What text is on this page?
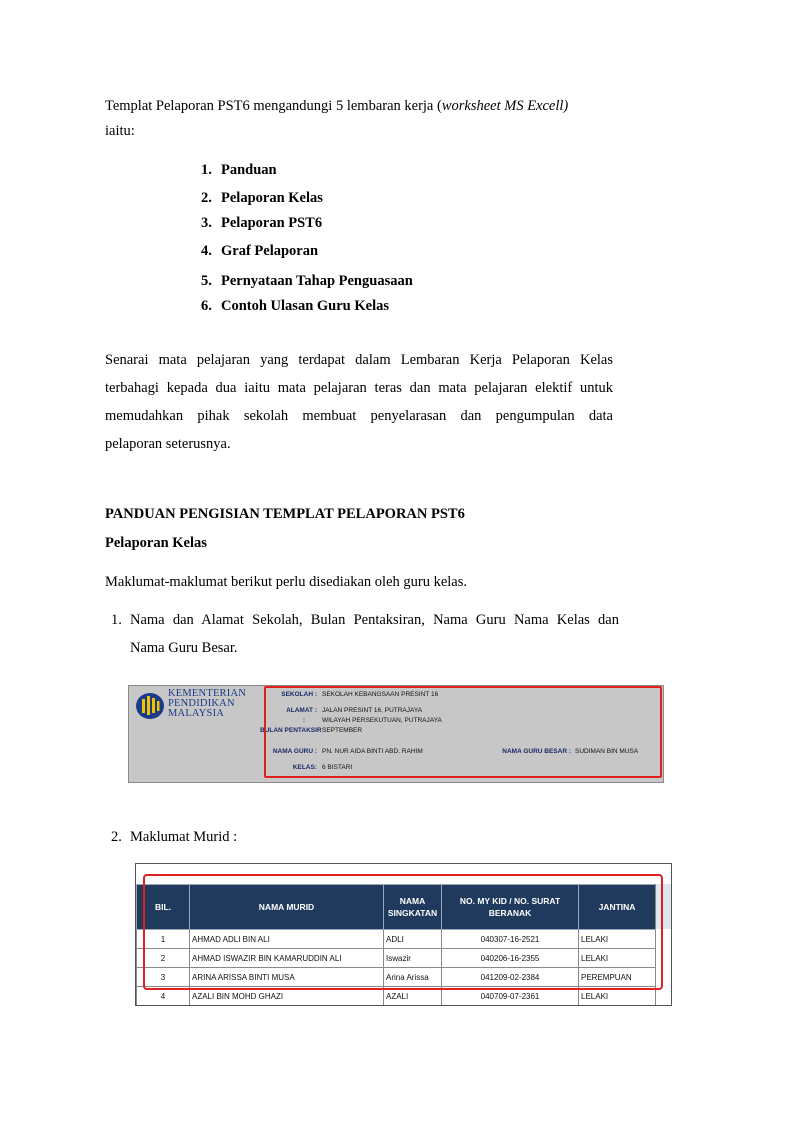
Templat Pelaporan PST6 mengandungi 5 lembaran kerja (worksheet MS Excell)
iaitu:
1. Panduan
2. Pelaporan Kelas
3. Pelaporan PST6
4. Graf Pelaporan
5. Pernyataan Tahap Penguasaan
6. Contoh Ulasan Guru Kelas
Senarai mata pelajaran yang terdapat dalam Lembaran Kerja Pelaporan Kelas
terbahagi kepada dua iaitu mata pelajaran teras dan mata pelajaran elektif untuk
memudahkan pihak sekolah membuat penyelarasan dan pengumpulan data
pelaporan seterusnya.
PANDUAN PENGISIAN TEMPLAT PELAPORAN PST6
Pelaporan Kelas
Maklumat-maklumat berikut perlu disediakan oleh guru kelas.
1. Nama dan Alamat Sekolah, Bulan Pentaksiran, Nama Guru Nama Kelas dan
Nama Guru Besar.
KEMENTERIAN
PENDIDIKAN
MALAYSIA
SEKOLAH : SEKOLAH KEBANGSAAN PRESINT 16
ALAMAT : JALAN PRESINT 16, PUTRAJAYA
:	WILAYAH PERSEKUTUAN, PUTRAJAYA
BULAN PENTAKSIR SEPTEMBER
NAMA GURU : PN. NUR AIDA BINTI ABD. RAHIM	NAMA GURU BESAR : SUDIMAN BIN MUSA
KELAS: 6 BISTARI
2. Maklumat Murid :
BIL.	NAMA MURID	NAMA SINGKATAN	NO. MY KID / NO. SURAT BERANAK	JANTINA
1	AHMAD ADLI BIN ALI	ADLI	040307-16-2521	LELAKI
2	AHMAD ISWAZIR BIN KAMARUDDIN ALI	Iswazir	040206-16-2355	LELAKI
3	ARINA ARISSA BINTI MUSA	Arina Arissa	041209-02-2384	PEREMPUAN
4	AZALI BIN MOHD GHAZI	AZALI	040709-07-2361	LELAKI
